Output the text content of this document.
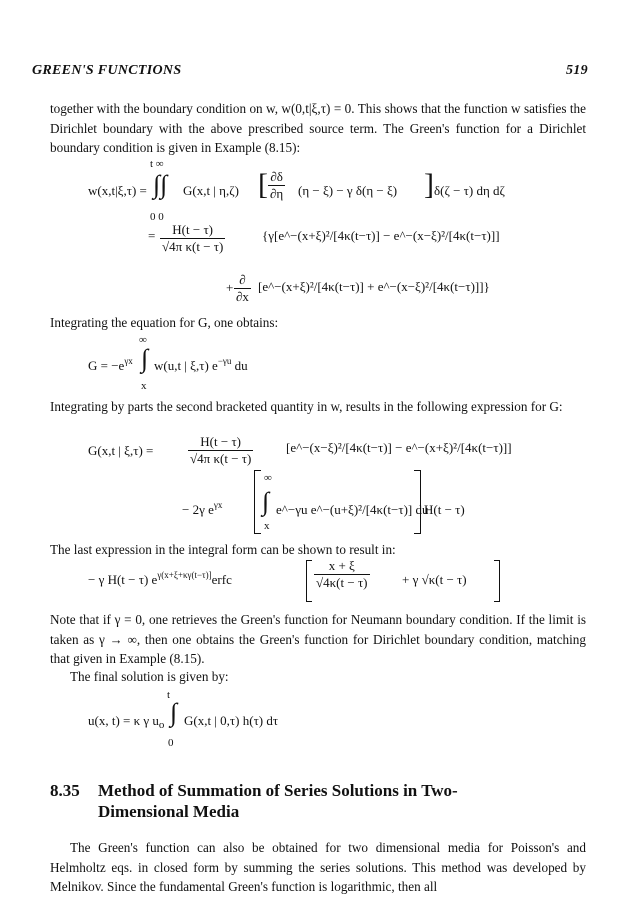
GREEN'S FUNCTIONS	519
together with the boundary condition on w, w(0,t|ξ,τ) = 0. This shows that the function w satisfies the Dirichlet boundary with the above prescribed source term. The Green's function for a Dirichlet boundary condition is given in Example (8.15):
t ∞
w(x,t|ξ,τ) = ∫∫ G(x,t | η,ζ) [ $\frac{\partial\delta}{\partial\eta} (\eta - \xi) - \gamma$ δ(η − ξ) ] δ(ζ − τ) dη dζ
0 0
= $\frac{H(t - \tau)}{\text{√4π κ(t − τ)}}$	{γ[e^−(x+ξ)²/[4κ(t−τ)] − e^−(x−ξ)²/[4κ(t−τ)]]
+ $\frac{\partial}{\partial x}$ [e^−(x+ξ)²/[4κ(t−τ)] + e^−(x−ξ)²/[4κ(t−τ)]]}
Integrating the equation for G, one obtains:
∞
$G = -e^{\gamma x}$ ∫ w(u,t | ξ,τ) $e^{-\gamma u}$ du
x
Integrating by parts the second bracketed quantity in w, results in the following expression for G:
G(x,t | ξ,τ) =	$\frac{H(t - \tau)}{\text{√4π κ(t − τ)}}$	[e^−(x−ξ)²/[4κ(t−τ)] − e^−(x+ξ)²/[4κ(t−τ)]]
− 2γ $e^{\gamma x}$
∞
∫ e^−γu e^−(u+ξ)²/[4κ(t−τ)] du
x
H(t − τ)
The last expression in the integral form can be shown to result in:
− γ H(t − τ) $e^{\gamma(x+\xi+\kappa\gamma(t-\tau)]}erfc$	$\frac{x + \xi}{√4\kappa(t - \tau)} + \gamma$ √κ(t − τ)
Note that if γ = 0, one retrieves the Green's function for Neumann boundary condition. If the limit is taken as γ → ∞, then one obtains the Green's function for Dirichlet boundary condition, matching that given in Example (8.15).
The final solution is given by:
t
u(x, t) = κ γ $u_o$ ∫ G(x,t | 0,τ) h(τ) dτ
0
8.35 Method of Summation of Series Solutions in Two-
Dimensional Media
The Green's function can also be obtained for two dimensional media for Poisson's and Helmholtz eqs. in closed form by summing the series solutions. This method was developed by Melnikov. Since the fundamental Green's function is logarithmic, then all
